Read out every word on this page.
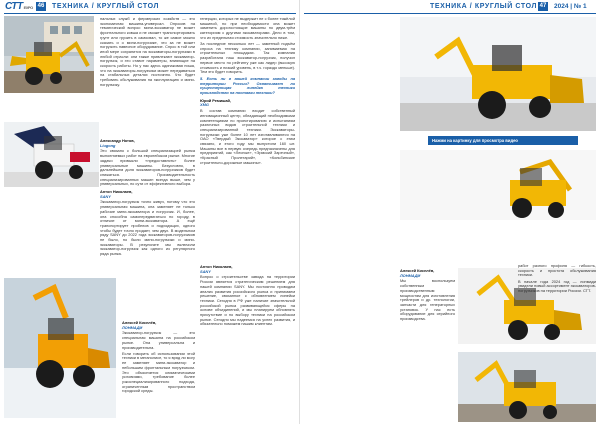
СТТEXPO 46 ТЕХНИКА / КРУГЛЫЙ СТОЛ

нальных служб и фермерских хозяйств — это экономичная машина-универсал. Опросив на тематический вопрос: мини-экскаватор не может фронтального ковша и не сможет транспортировать грунт или грузить в самосвал, то же самое можно сказать и о мини-погрузчике, что за не может погрузить навесное оборудование. Спрос в той или иной мере сохранится на экскаваторы-погрузчики в любой отрасли: они также привлекают экскаватор-погрузчик, и это ставит параметры, влияющие на скорость работы. Но у нас здесь одинаковая ниша, что на экскаваторы-погрузчики может передаваться на стабильных деталях постоянно. Что будет требовать обслуживания на эксплуатацию и мини-погрузчику.

Александр Нотов,
Liugong

Это связано с большой специализацией рынка выполняемых работ на европейском рынке. Многие задачи привыкли «предоставлять» более универсальные машины. Безусловно, в дальнейшем доля экскаваторов-погрузчиков будет снижаться. Производительность специализированных машин всегда выше, чем у универсальных, по сути от эффективного выбора.

Антон Николаев,
SANY

Экскаватор-погрузчик точно живуч, потому что это универсальная машина, она заменяет не только рабочие мини-экскаватора и погрузчик. И, более, она способна самопередвигаться по городу, в отличие от мини-экскаватора. А ещё транспортирует пробелов и подходящих, одного чтобы будет точно продает, чем двух. В модельном ряду SANY до 2022 года экскаваторов-погрузчиков не было, но были мини-погрузчики и мини-экскаваторы. В результате мы включили экскаватор-погрузчик как одного из регулярного ряда рынка.

Алексей Киселёв,
ЛОНМАДИ

Экскаватор-погрузчик — это специальная машина на российском рынке. Она универсальна и производительна.

Если говорить об использовании этой техники в мегаполисе, то я вряд ли могу ее заменяет мини-экскаватор и небольшим фронтальным погрузчиком. Это объясняется климатическими условиями, требование более узкоспециализированного подхода, ограниченным пространством городской среды.

генерции, которых не выдержит не с более тяжёлой машиной, но при необходимости она может заменить дорогостоящие машины по двум-трём категориям с другими экскаваторами. Дело в том, что их предельная стоимость значительно ниже.

За последние несколько лет — заметный подъём спроса на технику компании, занимаемая на строительных площадках. Так компания разработала наш экскаватор-погрузчик, получил первое место по рейтингу уже как лидер (высокую стоимость и низкий уровень, в т.ч. гораздо меньше). Тем это будет говорить.

5. Есть ли в вашей компании заводы на территории России? Охватывает ли существующая линейка техники производство на поставки техники?
Юрий Ремишай,
XMG

В состав компании входит собственный инновационный центр, обладающий необходимыми компетенциями по проектированию и испытаниям различных видов строительной техники и специализированной техники. Экскаваторы-погрузчики уже более 10 лет изготавливаются на ОАО «Твердый Экскаватор» которое с этим связано, и этого году мы выпустили 160 шт. Машины все в первую очередь предназначены для предприятий, как «Лесные», «Эрмский Заречный», «Красный Пролетарий», «Кольбинские строительно-дорожные машины».

Антон Николаев,
SANY

Вопрос о строительстве завода на территории России является стратегическим решением для нашей компании SANY. Мы постоянно проводим анализ развития российского рынка и принимаем решение, связанное с обновлением линейки техники. Сегодня в РФ уже наличие значительной российской рынка развивающейся сферы на основе объединений, и мы планируем обновлять присутствие и по выбору техники на российском рынке. Сегодня мы надеемся на успех развития, и обязательно поможем нашим клиентам.

ТЕХНИКА / КРУГЛЫЙ СТОЛ 47 2024 | № 1
Нажми на картинку для просмотра видео
Алексей Киселёв,
ЛОНМАДИ

Мы воспользуем собственным производственным мощностям для изготовления трейлеров и др. технологии, запчасти для генераторных установок. У нас есть оборудование для серийного производства.

работ разного профиля — гибкость, скорость и простота обслуживания техники.

В начале года 2024 год — лонмади увидели новый ассортимент экскаваторов-погрузчиков на территории России. СТТ.
